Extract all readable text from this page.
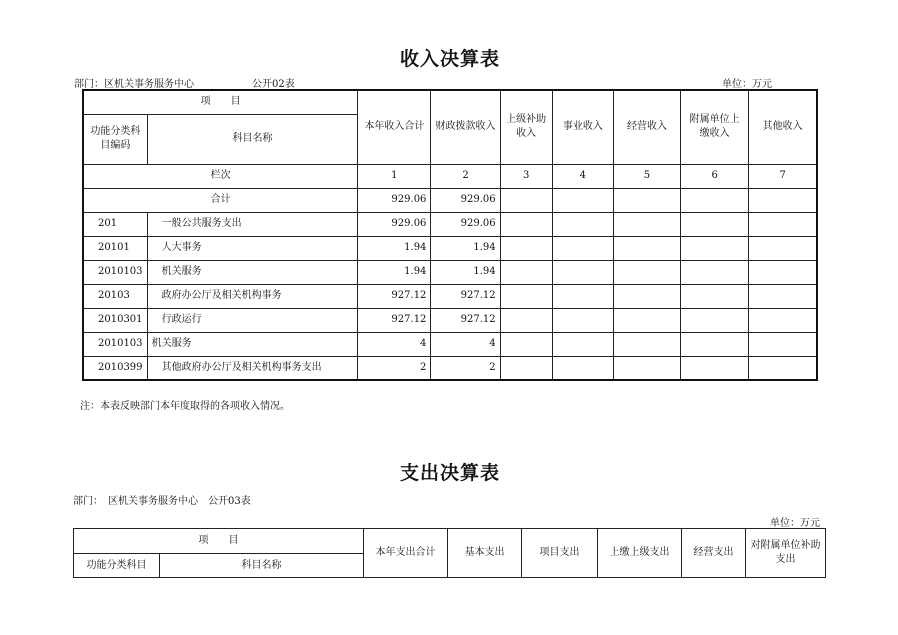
收入决算表
部门：区机关事务服务中心	公开02表	单位：万元
项　　目		本年收入合计	财政拨款收入	上级补助收入	事业收入	经营收入	附属单位上缴收入	其他收入
功能分类科目编码	科目名称							
栏次		1	2	3	4	5	6	7
合计		929.06	929.06					
201	一般公共服务支出	929.06	929.06					
20101	人大事务	1.94	1.94					
2010103	机关服务	1.94	1.94					
20103	政府办公厅及相关机构事务	927.12	927.12					
2010301	行政运行	927.12	927.12					
2010103	机关服务	4	4					
2010399	其他政府办公厅及相关机构事务支出	2	2					
注：本表反映部门本年度取得的各项收入情况。
支出决算表
部门：　区机关事务服务中心　公开03表
单位：万元
项　　目		本年支出合计	基本支出	项目支出	上缴上级支出	经营支出	对附属单位补助支出
功能分类科目	科目名称						
